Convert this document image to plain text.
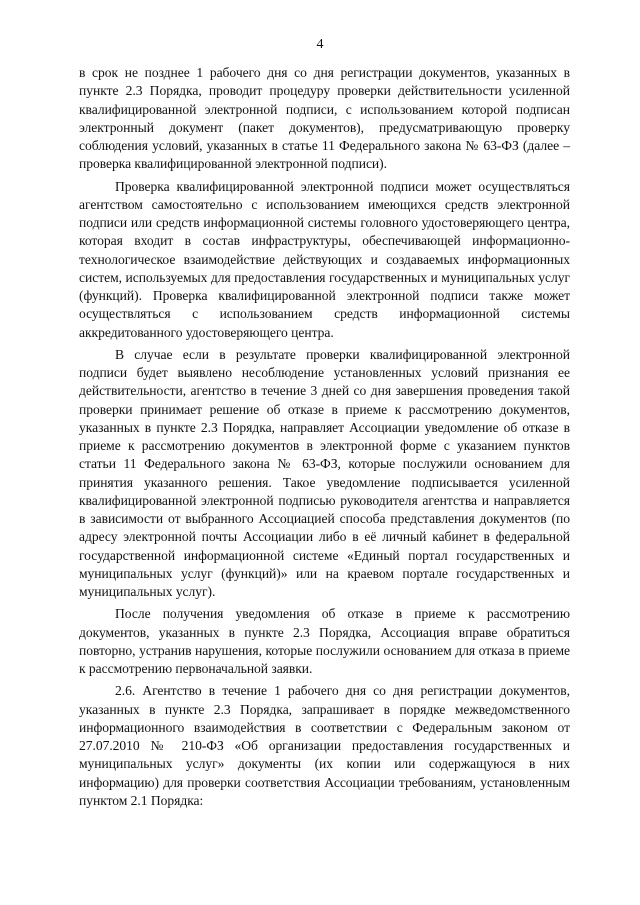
4

в срок не позднее 1 рабочего дня со дня регистрации документов, указанных в пункте 2.3 Порядка, проводит процедуру проверки действительности усиленной квалифицированной электронной подписи, с использованием которой подписан электронный документ (пакет документов), предусматривающую проверку соблюдения условий, указанных в статье 11 Федерального закона № 63-ФЗ (далее – проверка квалифицированной электронной подписи).

Проверка квалифицированной электронной подписи может осуществляться агентством самостоятельно с использованием имеющихся средств электронной подписи или средств информационной системы головного удостоверяющего центра, которая входит в состав инфраструктуры, обеспечивающей информационно-технологическое взаимодействие действующих и создаваемых информационных систем, используемых для предоставления государственных и муниципальных услуг (функций). Проверка квалифицированной электронной подписи также может осуществляться с использованием средств информационной системы аккредитованного удостоверяющего центра.

В случае если в результате проверки квалифицированной электронной подписи будет выявлено несоблюдение установленных условий признания ее действительности, агентство в течение 3 дней со дня завершения проведения такой проверки принимает решение об отказе в приеме к рассмотрению документов, указанных в пункте 2.3 Порядка, направляет Ассоциации уведомление об отказе в приеме к рассмотрению документов в электронной форме с указанием пунктов статьи 11 Федерального закона № 63-ФЗ, которые послужили основанием для принятия указанного решения. Такое уведомление подписывается усиленной квалифицированной электронной подписью руководителя агентства и направляется в зависимости от выбранного Ассоциацией способа представления документов (по адресу электронной почты Ассоциации либо в её личный кабинет в федеральной государственной информационной системе «Единый портал государственных и муниципальных услуг (функций)» или на краевом портале государственных и муниципальных услуг).

После получения уведомления об отказе в приеме к рассмотрению документов, указанных в пункте 2.3 Порядка, Ассоциация вправе обратиться повторно, устранив нарушения, которые послужили основанием для отказа в приеме к рассмотрению первоначальной заявки.

2.6. Агентство в течение 1 рабочего дня со дня регистрации документов, указанных в пункте 2.3 Порядка, запрашивает в порядке межведомственного информационного взаимодействия в соответствии с Федеральным законом от 27.07.2010 № 210-ФЗ «Об организации предоставления государственных и муниципальных услуг» документы (их копии или содержащуюся в них информацию) для проверки соответствия Ассоциации требованиям, установленным пунктом 2.1 Порядка:
